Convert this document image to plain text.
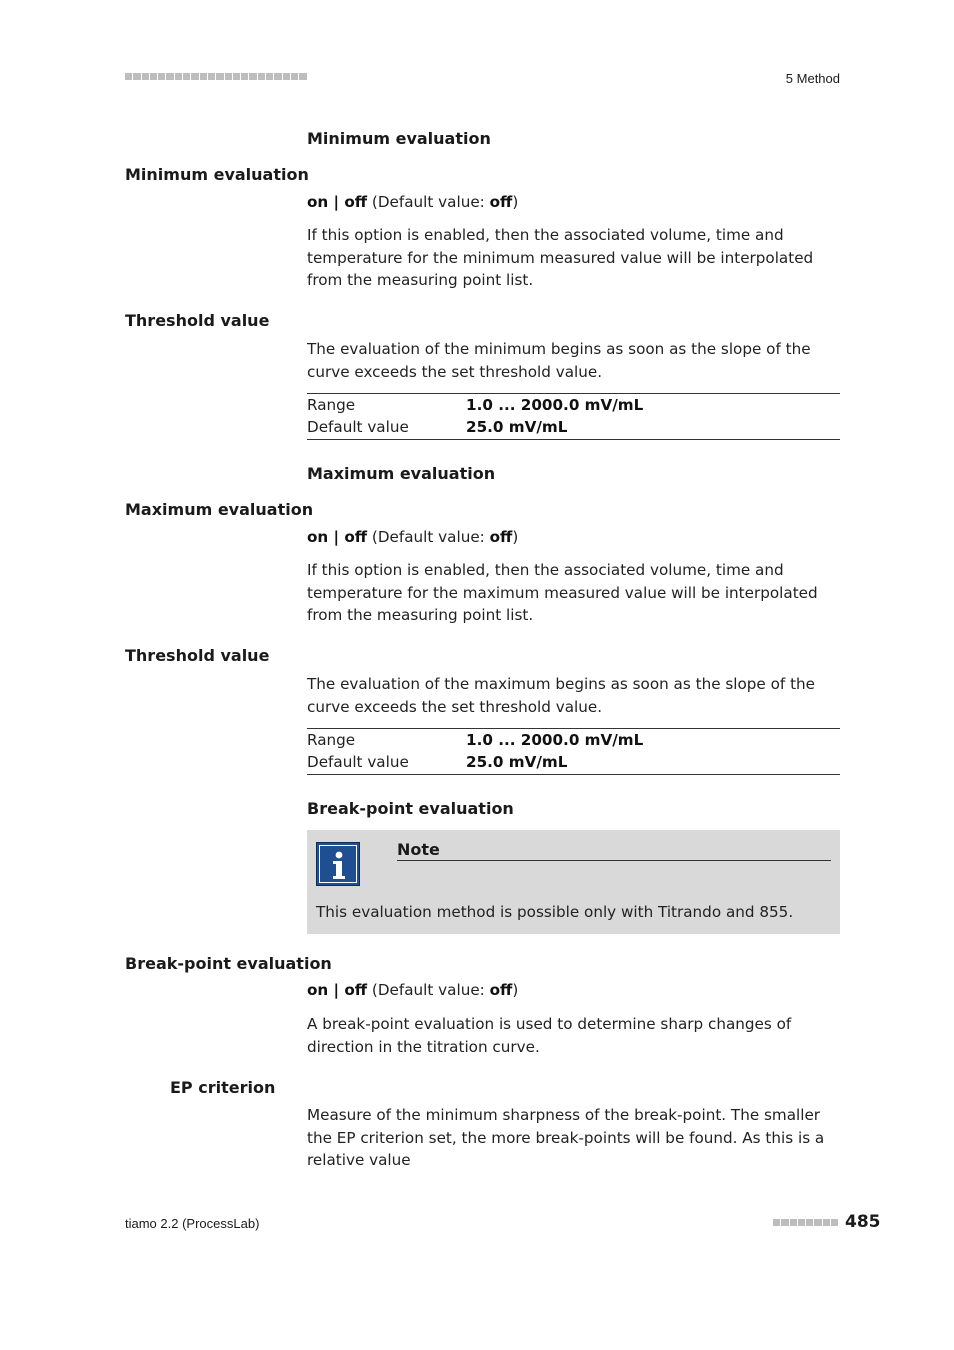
5 Method
Minimum evaluation
Minimum evaluation
on | off (Default value: off)
If this option is enabled, then the associated volume, time and temperature for the minimum measured value will be interpolated from the measuring point list.
Threshold value
The evaluation of the minimum begins as soon as the slope of the curve exceeds the set threshold value.
Range	1.0 ... 2000.0 mV/mL
Default value	25.0 mV/mL
Maximum evaluation
Maximum evaluation
on | off (Default value: off)
If this option is enabled, then the associated volume, time and temperature for the maximum measured value will be interpolated from the measuring point list.
Threshold value
The evaluation of the maximum begins as soon as the slope of the curve exceeds the set threshold value.
Range	1.0 ... 2000.0 mV/mL
Default value	25.0 mV/mL
Break-point evaluation
Note
This evaluation method is possible only with Titrando and 855.
Break-point evaluation
on | off (Default value: off)
A break-point evaluation is used to determine sharp changes of direction in the titration curve.
EP criterion
Measure of the minimum sharpness of the break-point. The smaller the EP criterion set, the more break-points will be found. As this is a relative value
tiamo 2.2 (ProcessLab)	485
